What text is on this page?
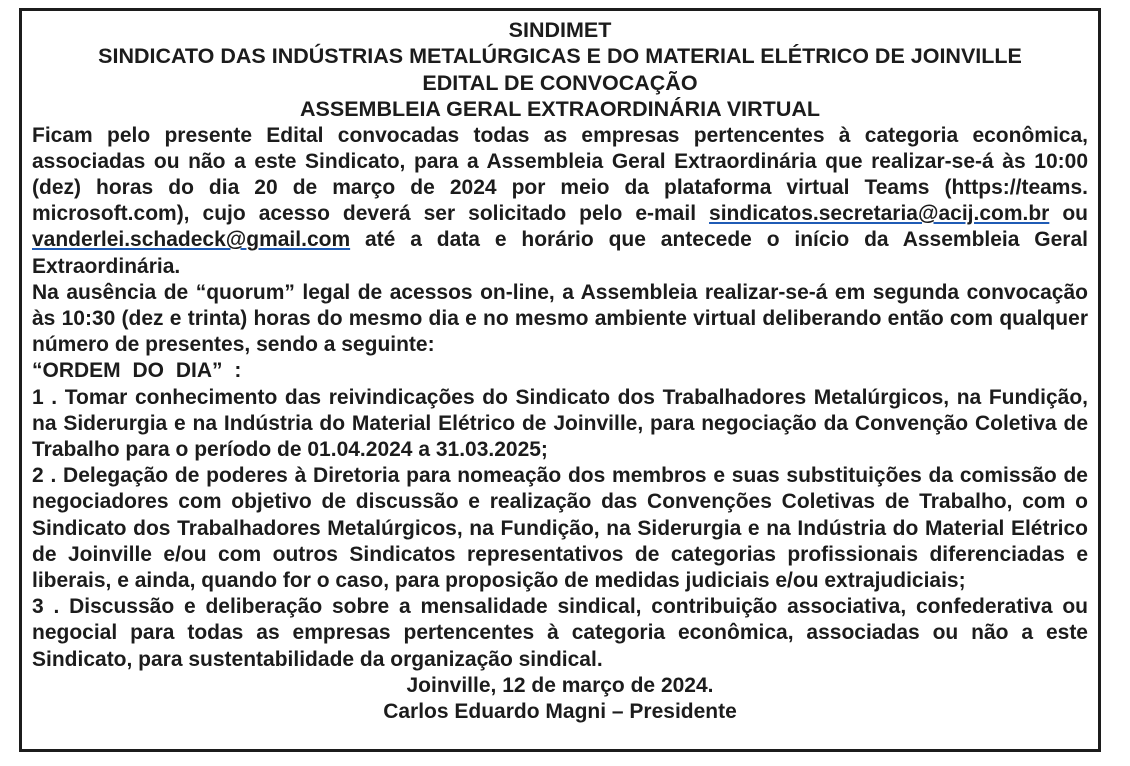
SINDIMET

SINDICATO DAS INDÚSTRIAS METALÚRGICAS E DO MATERIAL ELÉTRICO DE JOINVILLE

EDITAL DE CONVOCAÇÃO

ASSEMBLEIA GERAL EXTRAORDINÁRIA VIRTUAL

Ficam pelo presente Edital convocadas todas as empresas pertencentes à categoria econômica, associadas ou não a este Sindicato, para a Assembleia Geral Extraordinária que realizar-se-á às 10:00 (dez) horas do dia 20 de março de 2024 por meio da plataforma virtual Teams (https://teams. microsoft.com), cujo acesso deverá ser solicitado pelo e-mail sindicatos.secretaria@acij.com.br ou vanderlei.schadeck@gmail.com até a data e horário que antecede o início da Assembleia Geral Extraordinária.

Na ausência de “quorum” legal de acessos on-line, a Assembleia realizar-se-á em segunda convocação às 10:30 (dez e trinta) horas do mesmo dia e no mesmo ambiente virtual deliberando então com qualquer número de presentes, sendo a seguinte:

“ORDEM DO DIA” :

1 . Tomar conhecimento das reivindicações do Sindicato dos Trabalhadores Metalúrgicos, na Fundição, na Siderurgia e na Indústria do Material Elétrico de Joinville, para negociação da Convenção Coletiva de Trabalho para o período de 01.04.2024 a 31.03.2025;

2 . Delegação de poderes à Diretoria para nomeação dos membros e suas substituições da comissão de negociadores com objetivo de discussão e realização das Convenções Coletivas de Trabalho, com o Sindicato dos Trabalhadores Metalúrgicos, na Fundição, na Siderurgia e na Indústria do Material Elétrico de Joinville e/ou com outros Sindicatos representativos de categorias profissionais diferenciadas e liberais, e ainda, quando for o caso, para proposição de medidas judiciais e/ou extrajudiciais;

3 . Discussão e deliberação sobre a mensalidade sindical, contribuição associativa, confederativa ou negocial para todas as empresas pertencentes à categoria econômica, associadas ou não a este Sindicato, para sustentabilidade da organização sindical.

Joinville, 12 de março de 2024.

Carlos Eduardo Magni – Presidente
